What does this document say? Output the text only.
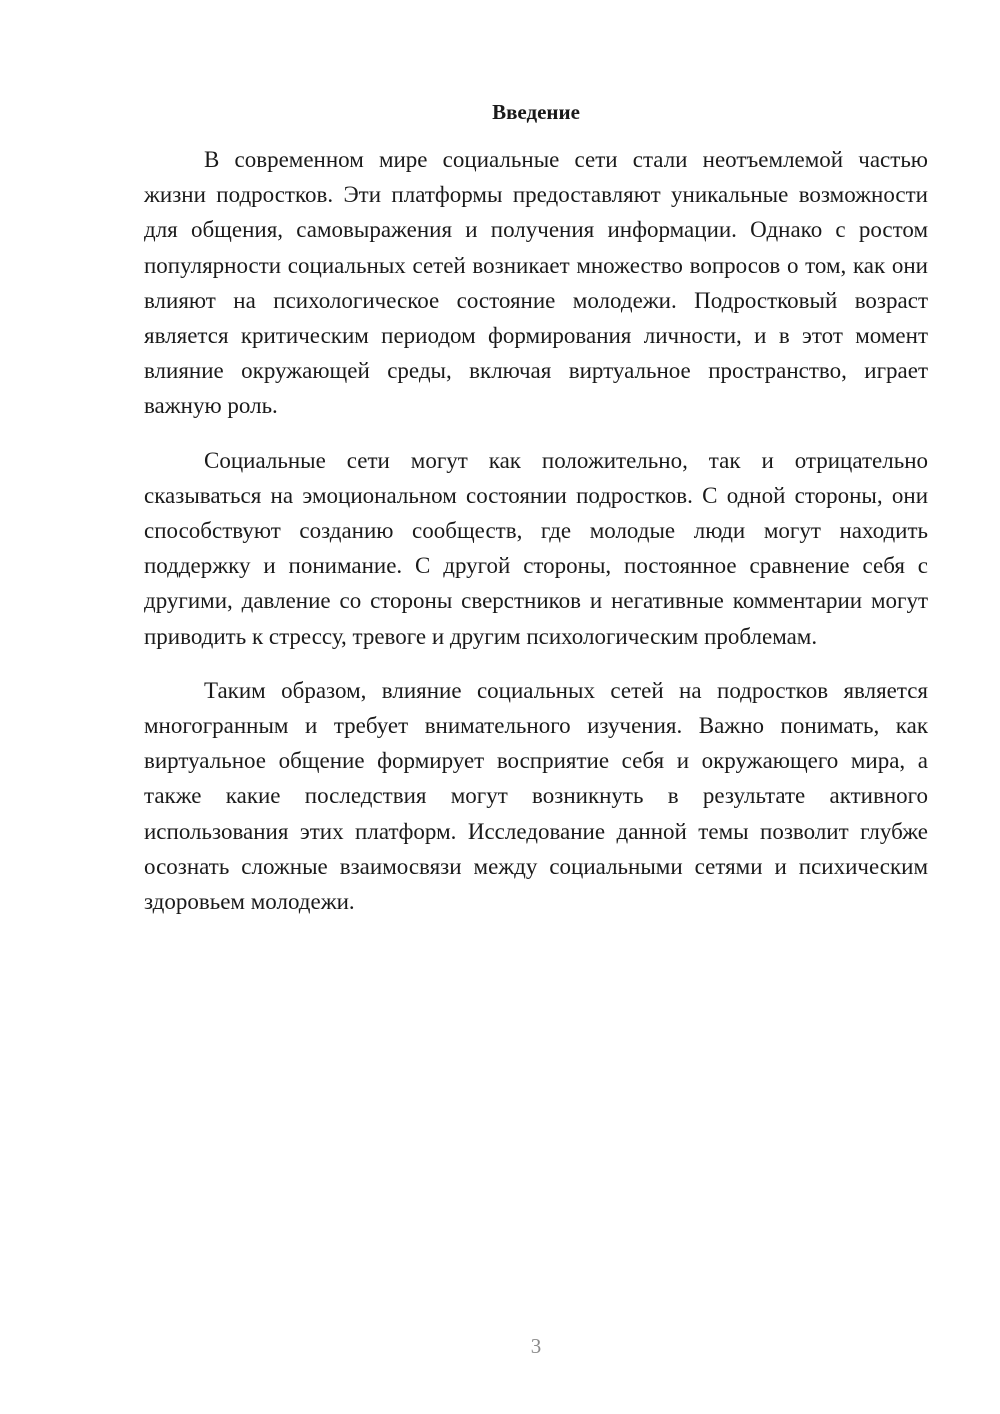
Введение

В современном мире социальные сети стали неотъемлемой частью жизни подростков. Эти платформы предоставляют уникальные возможности для общения, самовыражения и получения информации. Однако с ростом популярности социальных сетей возникает множество вопросов о том, как они влияют на психологическое состояние молодежи. Подростковый возраст является критическим периодом формирования личности, и в этот момент влияние окружающей среды, включая виртуальное пространство, играет важную роль.

Социальные сети могут как положительно, так и отрицательно сказываться на эмоциональном состоянии подростков. С одной стороны, они способствуют созданию сообществ, где молодые люди могут находить поддержку и понимание. С другой стороны, постоянное сравнение себя с другими, давление со стороны сверстников и негативные комментарии могут приводить к стрессу, тревоге и другим психологическим проблемам.

Таким образом, влияние социальных сетей на подростков является многогранным и требует внимательного изучения. Важно понимать, как виртуальное общение формирует восприятие себя и окружающего мира, а также какие последствия могут возникнуть в результате активного использования этих платформ. Исследование данной темы позволит глубже осознать сложные взаимосвязи между социальными сетями и психическим здоровьем молодежи.

3
